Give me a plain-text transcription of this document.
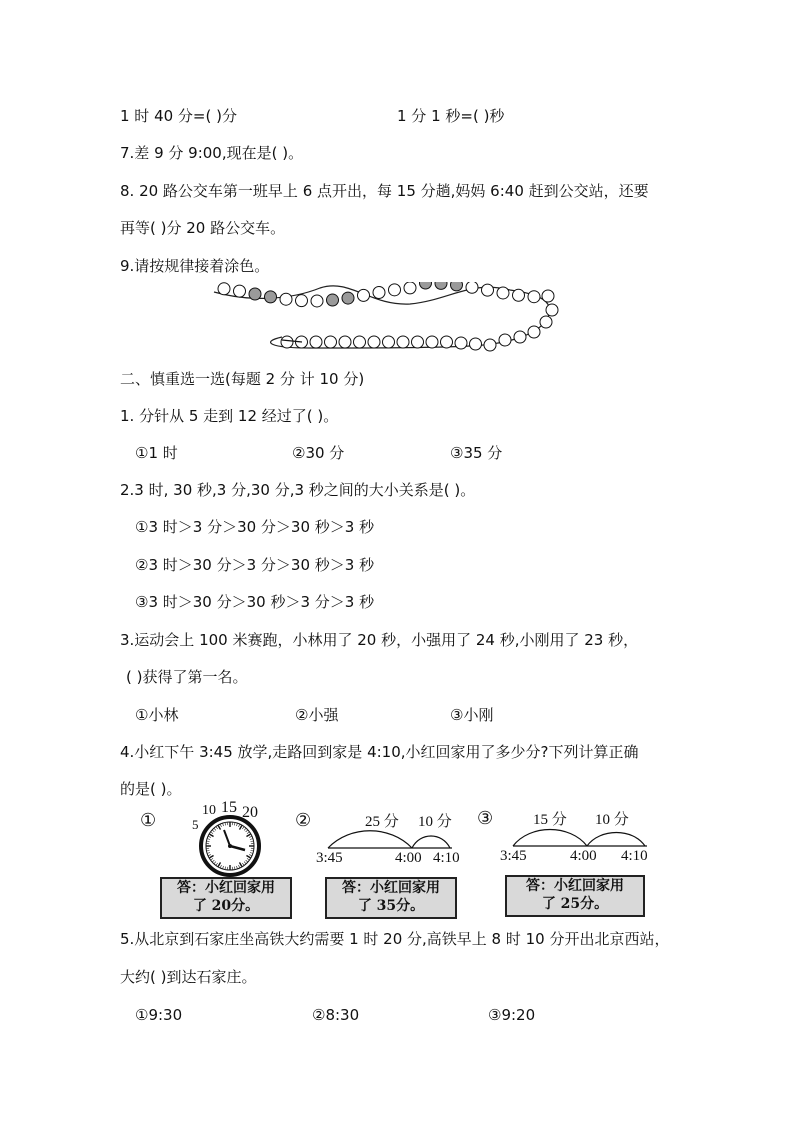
1 时 40 分=( )分	1 分 1 秒=( )秒
7.差 9 分 9:00,现在是( )。
8. 20 路公交车第一班早上 6 点开出，每 15 分趟,妈妈 6:40 赶到公交站，还要
再等( )分 20 路公交车。
9.请按规律接着涂色。
二、慎重选一选(每题 2 分 计 10 分)
1. 分针从 5 走到 12 经过了( )。
①1 时	②30 分	③35 分
2.3 时, 30 秒,3 分,30 分,3 秒之间的大小关系是( )。
①3 时＞3 分＞30 分＞30 秒＞3 秒
②3 时＞30 分＞3 分＞30 秒＞3 秒
③3 时＞30 分＞30 秒＞3 分＞3 秒
3.运动会上 100 米赛跑，小林用了 20 秒，小强用了 24 秒,小刚用了 23 秒，
( )获得了第一名。
①小林	②小强	③小刚
4.小红下午 3:45 放学,走路回到家是 4:10,小红回家用了多少分?下列计算正确
的是( )。
①	10 15 20
5
答：小红回家用
了 20分。
②	25 分 10 分
3:45	4:00 4:10
答：小红回家用
了 35分。
③	15 分 10 分
3:45	4:00 4:10
答：小红回家用
了 25分。
5.从北京到石家庄坐高铁大约需要 1 时 20 分,高铁早上 8 时 10 分开出北京西站，
大约( )到达石家庄。
①9:30	②8:30	③9:20
